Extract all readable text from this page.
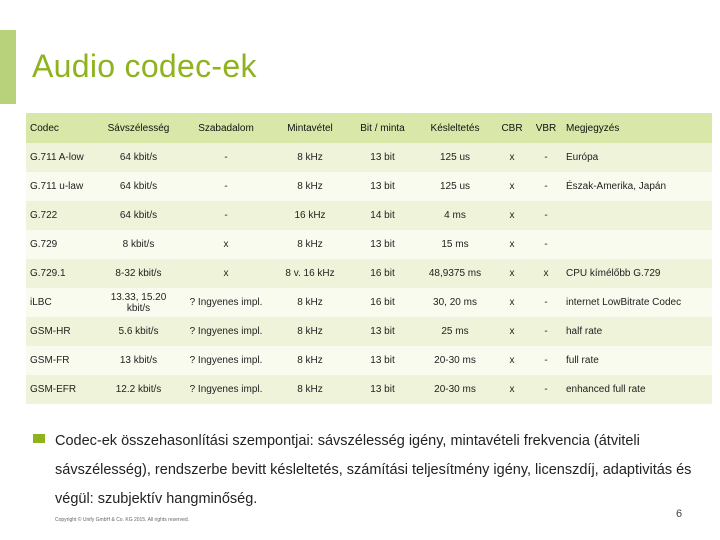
Audio codec-ek
Codec	Sávszélesség	Szabadalom	Mintavétel	Bit / minta	Késleltetés	CBR	VBR	Megjegyzés
G.711 A-low	64 kbit/s	-	8 kHz	13 bit	125 us	x	-	Európa
G.711 u-law	64 kbit/s	-	8 kHz	13 bit	125 us	x	-	Észak-Amerika, Japán
G.722	64 kbit/s	-	16 kHz	14 bit	4 ms	x	-	
G.729	8 kbit/s	x	8 kHz	13 bit	15 ms	x	-	
G.729.1	8-32 kbit/s	x	8 v. 16 kHz	16 bit	48,9375 ms	x	x	CPU kímélőbb G.729
iLBC	13.33, 15.20 kbit/s	? Ingyenes impl.	8 kHz	16 bit	30, 20 ms	x	-	internet LowBitrate Codec
GSM-HR	5.6 kbit/s	? Ingyenes impl.	8 kHz	13 bit	25 ms	x	-	half rate
GSM-FR	13 kbit/s	? Ingyenes impl.	8 kHz	13 bit	20-30 ms	x	-	full rate
GSM-EFR	12.2 kbit/s	? Ingyenes impl.	8 kHz	13 bit	20-30 ms	x	-	enhanced full rate
Codec-ek összehasonlítási szempontjai: sávszélesség igény, mintavételi frekvencia (átviteli sávszélesség), rendszerbe bevitt késleltetés, számítási teljesítmény igény, licenszdíj, adaptivitás és végül: szubjektív hangminőség.
Copyright © Unify GmbH & Co. KG 2015. All rights reserved.	6
